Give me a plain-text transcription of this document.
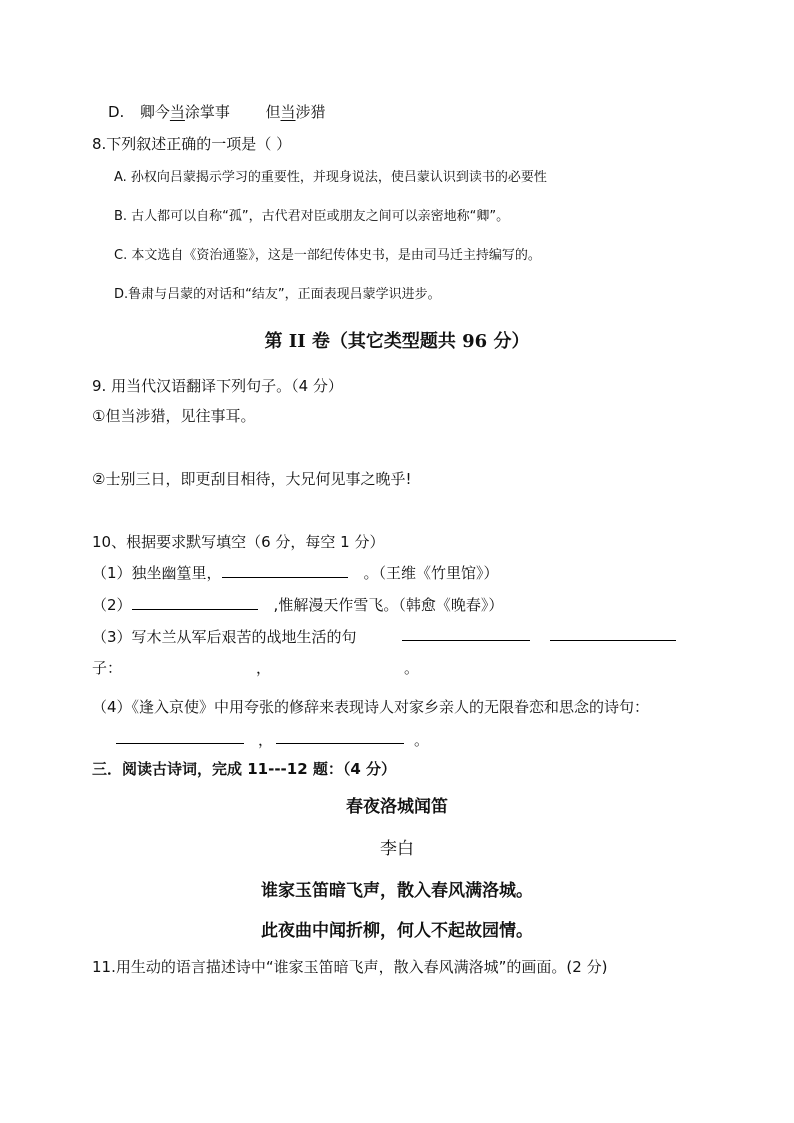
D. 卿今当涂掌事 但当涉猎
8.下列叙述正确的一项是（ ）
A. 孙权向吕蒙揭示学习的重要性，并现身说法，使吕蒙认识到读书的必要性
B. 古人都可以自称“孤”，古代君对臣或朋友之间可以亲密地称“卿”。
C. 本文选自《资治通鉴》，这是一部纪传体史书，是由司马迁主持编写的。
D.鲁肃与吕蒙的对话和“结友”，正面表现吕蒙学识进步。
第 II 卷（其它类型题共 96 分）
9. 用当代汉语翻译下列句子。（4 分）
①但当涉猎，见往事耳。
②士别三日，即更刮目相待，大兄何见事之晚乎!
10、根据要求默写填空（6 分，每空 1 分）
（1）独坐幽篁里，	。（王维《竹里馆》）
（2）	,惟解漫天作雪飞。（韩愈《晚春》）
（3）写木兰从军后艰苦的战地生活的句
子：	，	。
（4）《逢入京使》中用夸张的修辞来表现诗人对家乡亲人的无限眷恋和思念的诗句：
，	。
三．阅读古诗词，完成 11---12 题：（4 分）
春夜洛城闻笛
李白
谁家玉笛暗飞声，散入春风满洛城。
此夜曲中闻折柳，何人不起故园情。
11.用生动的语言描述诗中“谁家玉笛暗飞声，散入春风满洛城”的画面。(2 分)
